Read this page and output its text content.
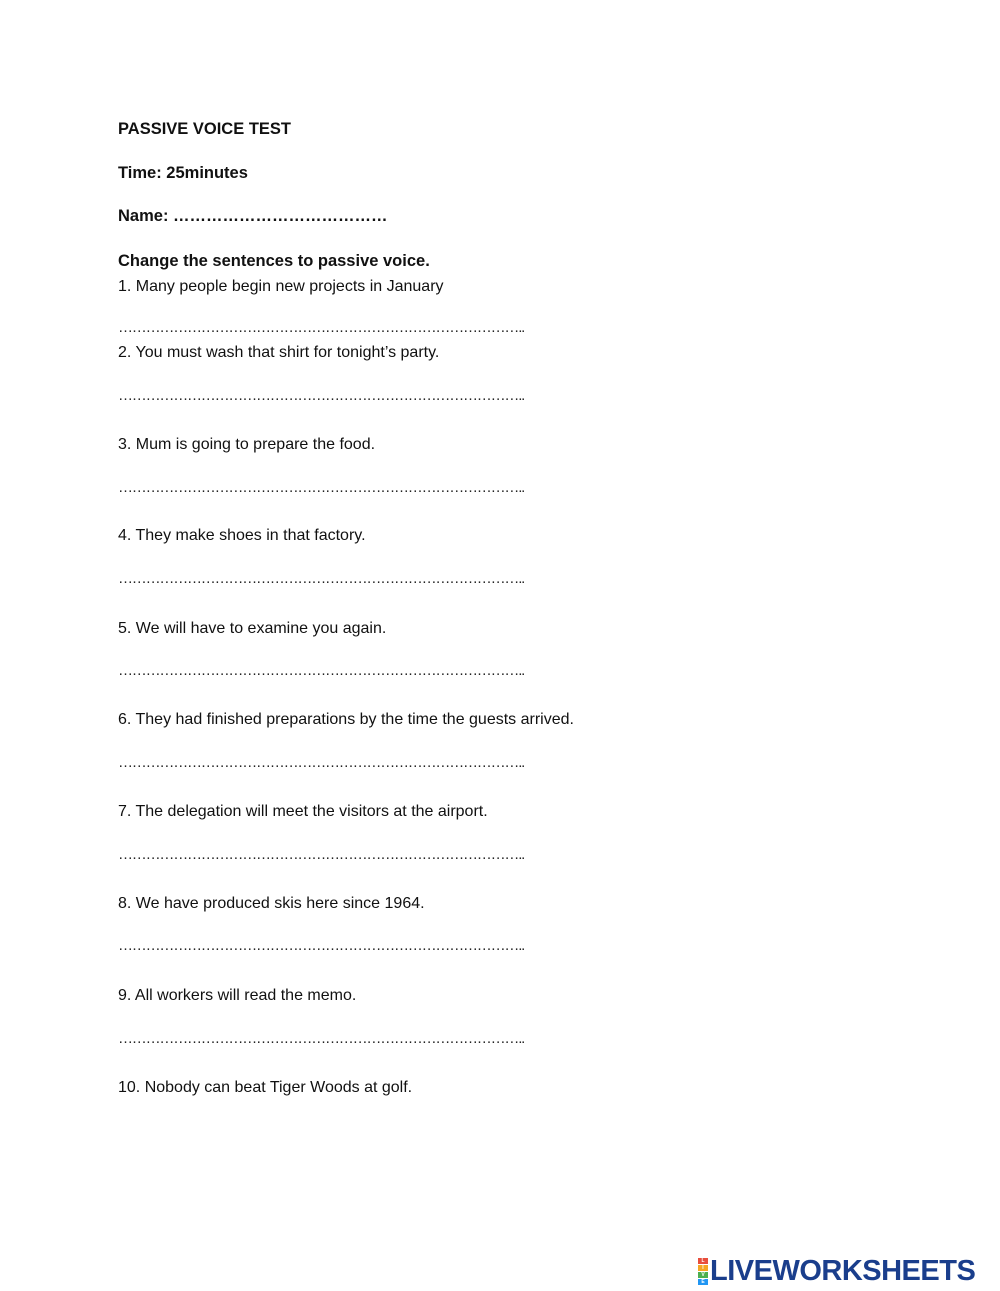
PASSIVE VOICE TEST
Time: 25minutes
Name: …………………………………
Change the sentences to passive voice.
1. Many people begin new projects in January
……………………………………………………………………………..
2. You must wash that shirt for tonight’s party.
……………………………………………………………………………..
3. Mum is going to prepare the food.
……………………………………………………………………………..
4. They make shoes in that factory.
……………………………………………………………………………..
5. We will have to examine you again.
……………………………………………………………………………..
6. They had finished preparations by the time the guests arrived.
……………………………………………………………………………..
7. The delegation will meet the visitors at the airport.
……………………………………………………………………………..
8. We have produced skis here since 1964.
……………………………………………………………………………..
9. All workers will read the memo.
……………………………………………………………………………..
10. Nobody can beat Tiger Woods at golf.
L
I
V
E LIVEWORKSHEETS
